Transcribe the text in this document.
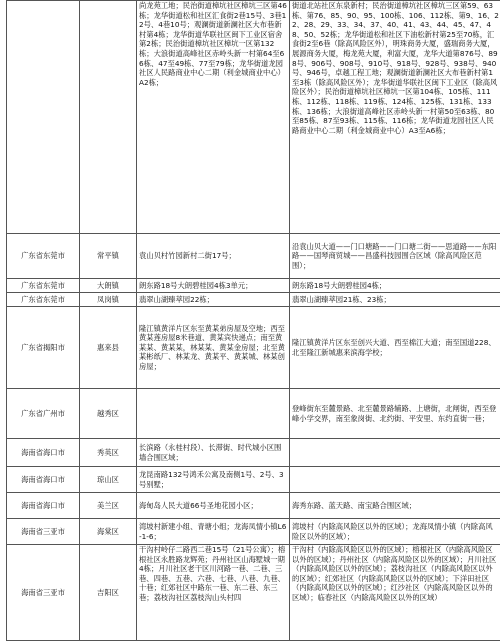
		尚龙苑工地；民治街道樟坑社区樟坑三区第46栋；龙华街道松和社区汇食街2巷15号、3巷12号、4巷10号；观澜街道新澜社区大布巷新村第4栋；龙华街道华联社区闽下工业区宿舍第2栋；民治街道樟坑社区樟坑一区第132栋；大浪街道高峰社区赤岭头新一村第64至66栋、47至49栋、77至79栋；龙华街道龙园社区人民路商业中心二期（利金城商业中心）A2栋；	街道北站社区东泉新村；民治街道樟坑社区樟坑三区第59、63栋、第76、85、90、95、100栋、106、112栋、第9、16、22、28、29、33、34、37、40、41、43、44、45、47、48、50、52栋；龙华街道松和社区下油松新村第25至70栋，汇食街2至6巷（除高风险区外），明珠商务大厦，盛瑞商务大厦，展源商务大厦，梅龙苑大厦，利富大厦，龙华大道第876号、898号、906号、908号、910号、918号、928号、938号、940号、946号，卓越工程工地；观澜街道新澜社区大布巷新村第1至3栋（除高风险区外）；龙华街道华联社区闽下工业区（除高风险区外）；民治街道樟坑社区樟坑一区第104栋、105栋、111栋、112栋、118栋、119栋、124栋、125栋、131栋、133栋、136栋；大浪街道高峰社区赤岭头新一村第50至63栋、80至85栋、87至93栋、115栋、116栋；龙华街道龙园社区人民路商业中心二期（利金城商业中心）A3至A6栋；
广东省东莞市	常平镇	袁山贝村竹园新村二街17号；	沿袁山贝大道——门口塘路——门口塘二街——思道路——东阳路——国琴商贸城——昌盛科技园围合区域（除高风险区范围）；
广东省东莞市	大朗镇	朗东路18号大朗碧桂园4栋3单元；	朗东路18号大朗碧桂园4栋；
广东省东莞市	凤岗镇	翡翠山湖臻萃园22栋；	翡翠山湖臻萃园21栋、23栋；
广东省揭阳市	惠来县	隆江镇黄洋片区东至黄某弟房屋及空地；西至黄某莲房屋8米巷道、黄某宾快递点；南至黄某某、黄某某，林某某、黄某金房屋；北至黄某彬纸厂、林某龙、黄某平、黄某城、林某创房屋；	隆江镇黄洋片区东至创兴大道、西至棉江大道；南至国道228、北至隆江新城惠来滨海学校；
广东省广州市	越秀区		登峰街东至麓景路、北至麓景路辅路、上塘街，北闸街，西至登峰小学交界，南至象岗街、北约街、平安里、东约直街一巷；
海南省海口市	秀英区	长滨路（永桂村段）、长滞街、时代城小区围墙合围区域；	
海南省海口市	琼山区	龙昆南路132号鸿禾公寓及南侧1号、2号、3号别墅；	
海南省海口市	美兰区	海甸岛人民大道66号圣地花园小区；	海秀东路、蓝天路、南宝路合围区域；
海南省三亚市	海棠区	湾坡村新建小组、青塘小组；龙海凤情小镇L6-1-6；	湾坡村（内除高风险区以外的区域）；龙海凤情小镇（内除高风险区以外的区域）；
海南省三亚市	吉阳区	干沟村岭仔二路西二巷15号（21号公寓）；榕根社区永胜路龙辉苑；丹州社区山海墅城一期4栋；月川社区老干区川河路一巷、二巷、三巷、四巷、五巷、六巷、七巷、八巷、九巷、十巷；红郊社区中路东一巷、东二巷、东三巷；荔枝沟社区荔枝沟山头村四	干沟村（内除高风险区以外的区域）；榕根社区（内除高风险区以外的区域）；丹州社区（内除高风险区以外的区域）；月川社区（内除高风险区以外的区域）；荔枝沟社区（内除高风险区以外的区域）；红郊社区（内除高风险区以外的区域）；下洋田社区（内除高风险区以外的区域）；红沙社区（内除高风险区以外的区域）；临春社区（内除高风险区以外的区域）
